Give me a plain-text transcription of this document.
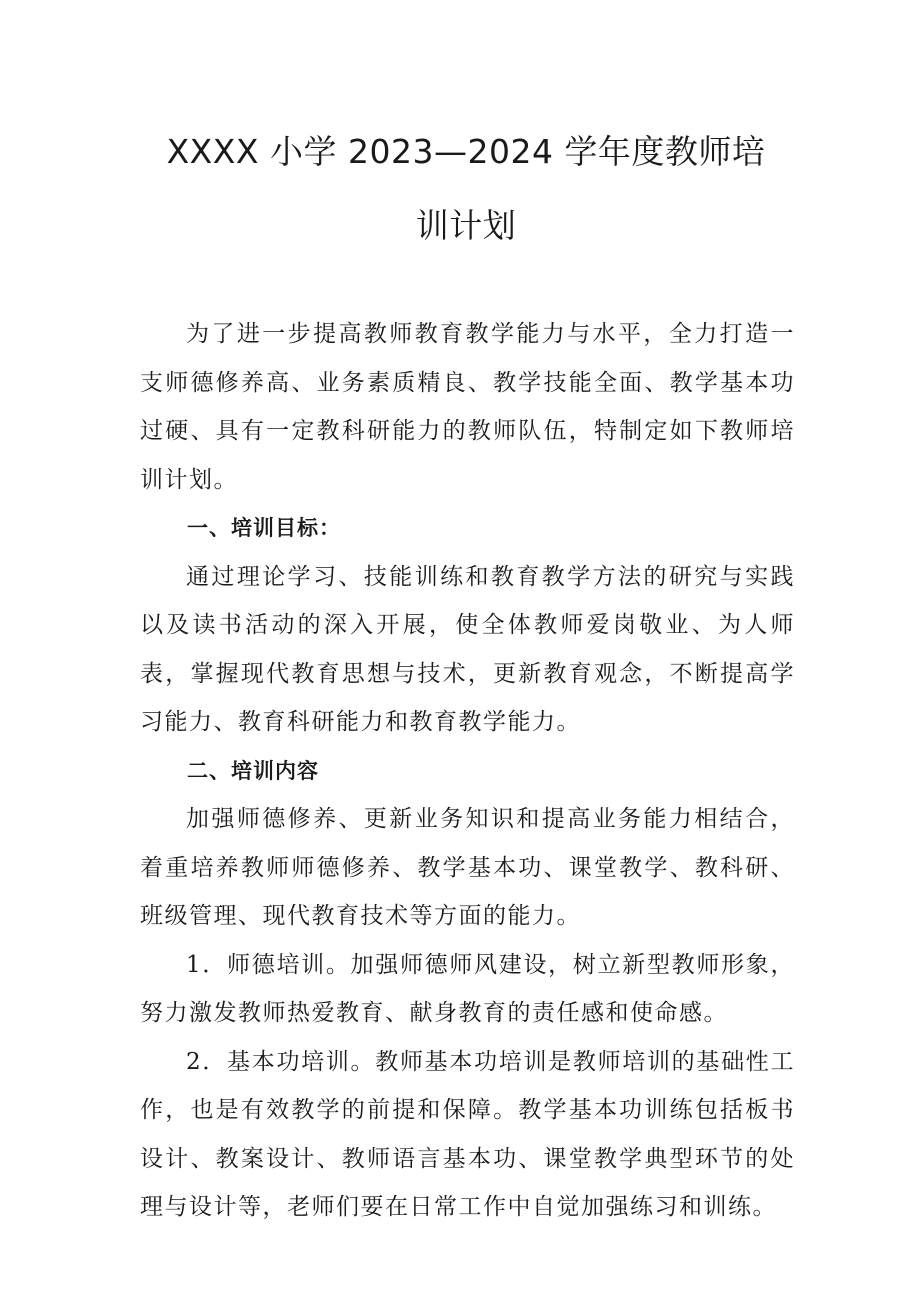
XXXX 小学 2023—2024 学年度教师培
训计划

为了进一步提高教师教育教学能力与水平，全力打造一支师德修养高、业务素质精良、教学技能全面、教学基本功过硬、具有一定教科研能力的教师队伍，特制定如下教师培训计划。

一、培训目标：

通过理论学习、技能训练和教育教学方法的研究与实践以及读书活动的深入开展，使全体教师爱岗敬业、为人师表，掌握现代教育思想与技术，更新教育观念，不断提高学习能力、教育科研能力和教育教学能力。

二、培训内容

加强师德修养、更新业务知识和提高业务能力相结合，着重培养教师师德修养、教学基本功、课堂教学、教科研、班级管理、现代教育技术等方面的能力。

1．师德培训。加强师德师风建设，树立新型教师形象，努力激发教师热爱教育、献身教育的责任感和使命感。

2．基本功培训。教师基本功培训是教师培训的基础性工作，也是有效教学的前提和保障。教学基本功训练包括板书设计、教案设计、教师语言基本功、课堂教学典型环节的处理与设计等，老师们要在日常工作中自觉加强练习和训练。
